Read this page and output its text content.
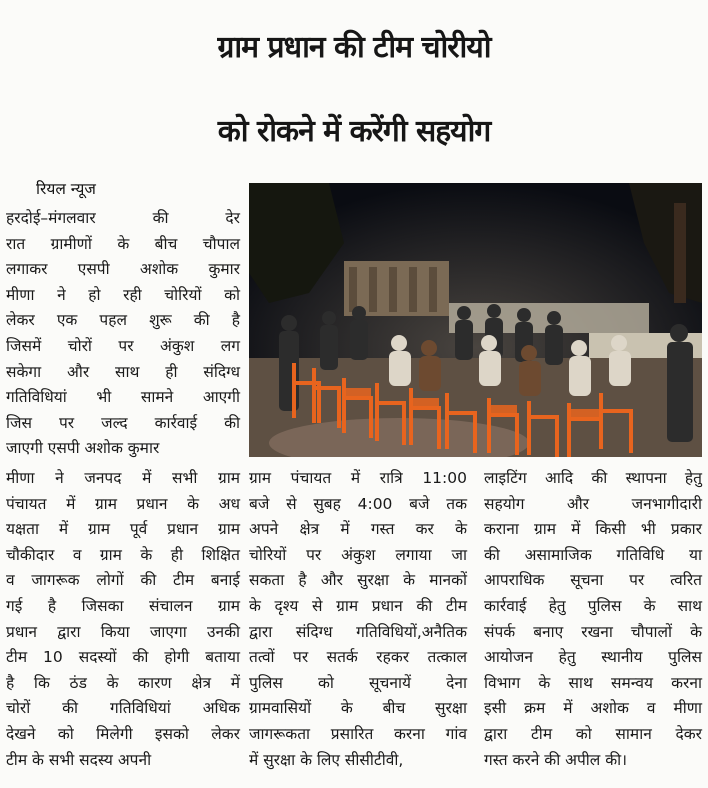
ग्राम प्रधान की टीम चोरीयो
को रोकने में करेंगी सहयोग
रियल न्यूज
हरदोई–मंगलवार की देर
रात ग्रामीणों के बीच चौपाल
लगाकर एसपी अशोक कुमार
मीणा ने हो रही चोरियों को
लेकर एक पहल शुरू की है
जिसमें चोरों पर अंकुश लग
सकेगा और साथ ही संदिग्ध
गतिविधियां भी सामने आएगी
जिस पर जल्द कार्रवाई की
जाएगी एसपी अशोक कुमार
मीणा ने जनपद में सभी ग्राम
पंचायत में ग्राम प्रधान के अध
यक्षता में ग्राम पूर्व प्रधान ग्राम
चौकीदार व ग्राम के ही शिक्षित
व जागरूक लोगों की टीम बनाई
गई है जिसका संचालन ग्राम
प्रधान द्वारा किया जाएगा उनकी
टीम 10 सदस्यों की होगी बताया
है कि ठंड के कारण क्षेत्र में
चोरों की गतिविधियां अधिक
देखने को मिलेगी इसको लेकर
टीम के सभी सदस्य अपनी
ग्राम पंचायत में रात्रि 11:00
बजे से सुबह 4:00 बजे तक
अपने क्षेत्र में गस्त कर के
चोरियों पर अंकुश लगाया जा
सकता है और सुरक्षा के मानकों
के दृश्य से ग्राम प्रधान की टीम
द्वारा संदिग्ध गतिविधियों,अनैतिक
तत्वों पर सतर्क रहकर तत्काल
पुलिस को सूचनायें देना
ग्रामवासियों के बीच सुरक्षा
जागरूकता प्रसारित करना गांव
में सुरक्षा के लिए सीसीटीवी,
लाइटिंग आदि की स्थापना हेतु
सहयोग और जनभागीदारी
कराना ग्राम में किसी भी प्रकार
की असामाजिक गतिविधि या
आपराधिक सूचना पर त्वरित
कार्रवाई हेतु पुलिस के साथ
संपर्क बनाए रखना चौपालों के
आयोजन हेतु स्थानीय पुलिस
विभाग के साथ समन्वय करना
इसी क्रम में अशोक व मीणा
द्वारा टीम को सामान देकर
गस्त करने की अपील की।
